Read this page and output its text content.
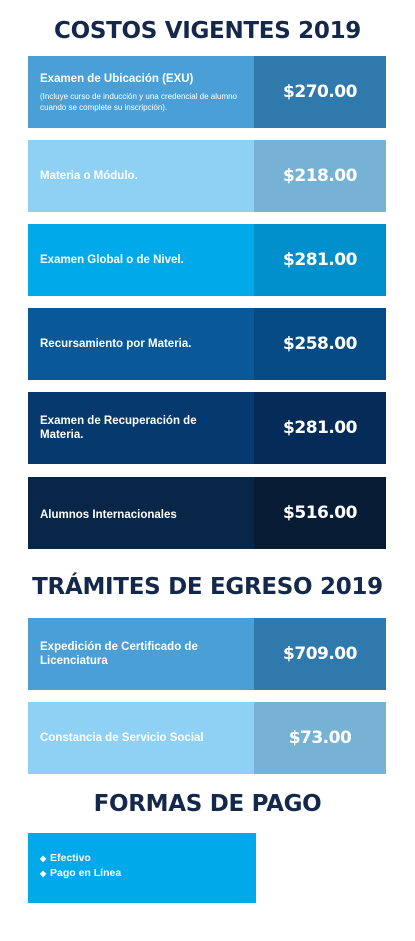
COSTOS VIGENTES 2019
Examen de Ubicación (EXU)
(Incluye curso de inducción y una credencial de alumno cuando se complete su inscripción).
$270.00
Materia o Módulo.	$218.00
Examen Global o de Nivel.	$281.00
Recursamiento por Materia.	$258.00
Examen de Recuperación de Materia.	$281.00
Alumnos Internacionales	$516.00
TRÁMITES DE EGRESO 2019
Expedición de Certificado de Licenciatura	$709.00
Constancia de Servicio Social	$73.00
FORMAS DE PAGO
◆ Efectivo
◆ Pago en Línea
